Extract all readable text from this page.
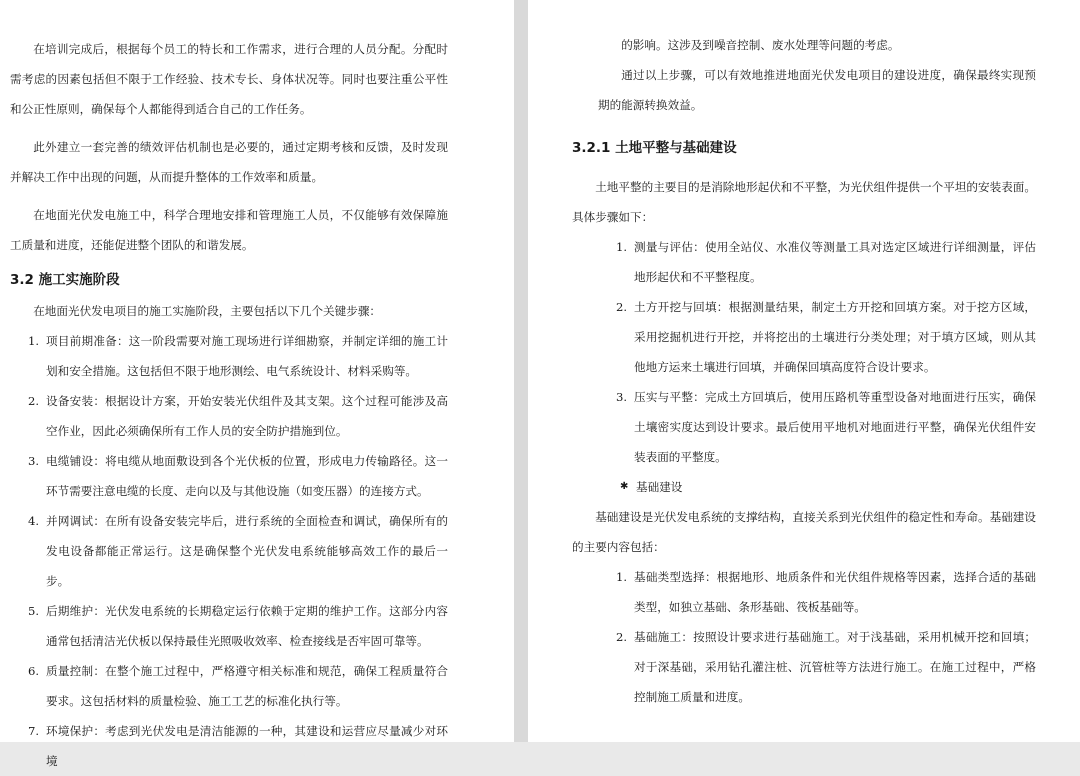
在培训完成后，根据每个员工的特长和工作需求，进行合理的人员分配。分配时需考虑的因素包括但不限于工作经验、技术专长、身体状况等。同时也要注重公平性和公正性原则，确保每个人都能得到适合自己的工作任务。

此外建立一套完善的绩效评估机制也是必要的，通过定期考核和反馈，及时发现并解决工作中出现的问题，从而提升整体的工作效率和质量。

在地面光伏发电施工中，科学合理地安排和管理施工人员，不仅能够有效保障施工质量和进度，还能促进整个团队的和谐发展。

3.2 施工实施阶段

在地面光伏发电项目的施工实施阶段，主要包括以下几个关键步骤：

1. 项目前期准备：这一阶段需要对施工现场进行详细勘察，并制定详细的施工计划和安全措施。这包括但不限于地形测绘、电气系统设计、材料采购等。
2. 设备安装：根据设计方案，开始安装光伏组件及其支架。这个过程可能涉及高空作业，因此必须确保所有工作人员的安全防护措施到位。
3. 电缆铺设：将电缆从地面敷设到各个光伏板的位置，形成电力传输路径。这一环节需要注意电缆的长度、走向以及与其他设施（如变压器）的连接方式。
4. 并网调试：在所有设备安装完毕后，进行系统的全面检查和调试，确保所有的发电设备都能正常运行。这是确保整个光伏发电系统能够高效工作的最后一步。
5. 后期维护：光伏发电系统的长期稳定运行依赖于定期的维护工作。这部分内容通常包括清洁光伏板以保持最佳光照吸收效率、检查接线是否牢固可靠等。
6. 质量控制：在整个施工过程中，严格遵守相关标准和规范，确保工程质量符合要求。这包括材料的质量检验、施工工艺的标准化执行等。
7. 环境保护：考虑到光伏发电是清洁能源的一种，其建设和运营应尽量减少对环境

的影响。这涉及到噪音控制、废水处理等问题的考虑。

通过以上步骤，可以有效地推进地面光伏发电项目的建设进度，确保最终实现预期的能源转换效益。

3.2.1 土地平整与基础建设

土地平整的主要目的是消除地形起伏和不平整，为光伏组件提供一个平坦的安装表面。具体步骤如下：

1. 测量与评估：使用全站仪、水准仪等测量工具对选定区域进行详细测量，评估地形起伏和不平整程度。
2. 土方开挖与回填：根据测量结果，制定土方开挖和回填方案。对于挖方区域，采用挖掘机进行开挖，并将挖出的土壤进行分类处理；对于填方区域，则从其他地方运来土壤进行回填，并确保回填高度符合设计要求。
3. 压实与平整：完成土方回填后，使用压路机等重型设备对地面进行压实，确保土壤密实度达到设计要求。最后使用平地机对地面进行平整，确保光伏组件安装表面的平整度。
✱ 基础建设

基础建设是光伏发电系统的支撑结构，直接关系到光伏组件的稳定性和寿命。基础建设的主要内容包括：

1. 基础类型选择：根据地形、地质条件和光伏组件规格等因素，选择合适的基础类型，如独立基础、条形基础、筏板基础等。
2. 基础施工：按照设计要求进行基础施工。对于浅基础，采用机械开挖和回填；对于深基础，采用钻孔灌注桩、沉管桩等方法进行施工。在施工过程中，严格控制施工质量和进度。
